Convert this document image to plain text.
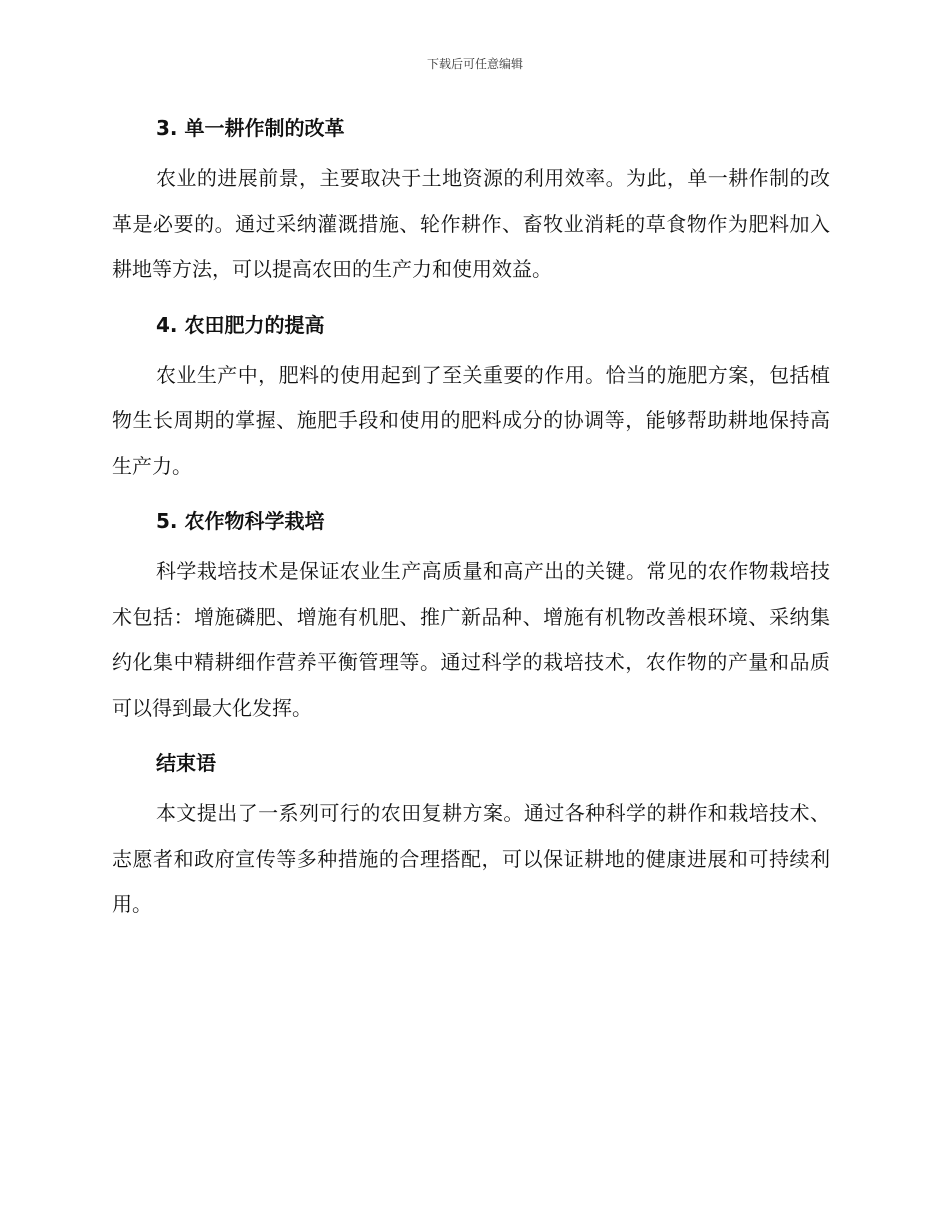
下载后可任意编辑
3. 单一耕作制的改革

农业的进展前景，主要取决于土地资源的利用效率。为此，单一耕作制的改革是必要的。通过采纳灌溉措施、轮作耕作、畜牧业消耗的草食物作为肥料加入耕地等方法，可以提高农田的生产力和使用效益。

4. 农田肥力的提高

农业生产中，肥料的使用起到了至关重要的作用。恰当的施肥方案，包括植物生长周期的掌握、施肥手段和使用的肥料成分的协调等，能够帮助耕地保持高生产力。

5. 农作物科学栽培

科学栽培技术是保证农业生产高质量和高产出的关键。常见的农作物栽培技术包括：增施磷肥、增施有机肥、推广新品种、增施有机物改善根环境、采纳集约化集中精耕细作营养平衡管理等。通过科学的栽培技术，农作物的产量和品质可以得到最大化发挥。

结束语

本文提出了一系列可行的农田复耕方案。通过各种科学的耕作和栽培技术、志愿者和政府宣传等多种措施的合理搭配，可以保证耕地的健康进展和可持续利用。
